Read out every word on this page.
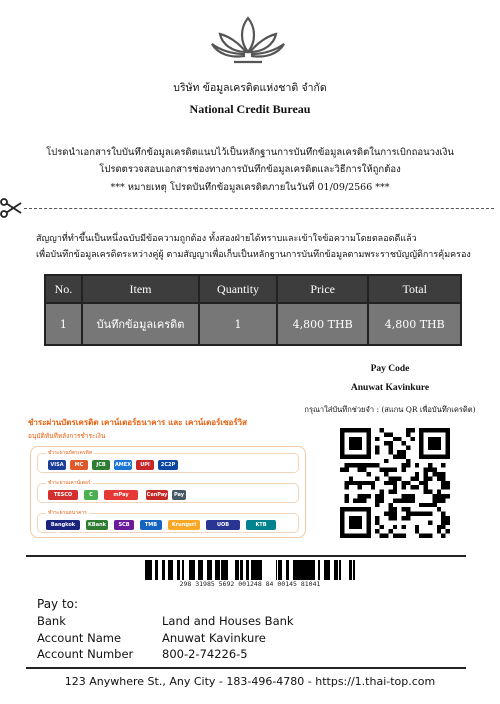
บริษัท ข้อมูลเครดิตแห่งชาติ จำกัด
National Credit Bureau
โปรดนำเอกสารใบบันทึกข้อมูลเครดิตแนบไว้เป็นหลักฐานการบันทึกข้อมูลเครดิตในการเบิกถอนวงเงิน
โปรดตรวจสอบเอกสารช่องทางการบันทึกข้อมูลเครดิตและวิธีการให้ถูกต้อง
*** หมายเหตุ โปรดบันทึกข้อมูลเครดิตภายในวันที่ 01/09/2566 ***
สัญญาที่ทำขึ้นเป็นหนึ่งฉบับมีข้อความถูกต้อง ทั้งสองฝ่ายได้ทราบและเข้าใจข้อความโดยตลอดดีแล้ว
เพื่อบันทึกข้อมูลเครดิตระหว่างคู่ผู้ ตามสัญญาเพื่อเก็บเป็นหลักฐานการบันทึกข้อมูลตามพระราชบัญญัติการคุ้มครอง
No.	Item	Quantity	Price	Total
1	บันทึกข้อมูลเครดิต	1	4,800 THB	4,800 THB
Pay Code
Anuwat Kavinkure
กรุณาใส่บันทึกช่วยจำ : (สแกน QR เพื่อบันทึกเครดิต)
ชำระผ่านบัตรเครดิต เคาน์เตอร์ธนาคาร และ เคาน์เตอร์เซอร์วิส
อนุมัติทันทีหลังการชำระเงิน
ชำระผ่านบัตรเครดิต
VISA	MC	JCB	AMEX	UPI	2C2P
ชำระผ่านเคาน์เตอร์
TESCO Lotus
C	mPay	CenPay	Pay
ชำระผ่านธนาคาร
Bangkok Bank
KBank	SCB	TMB	Krungsri	UOB	KTB
298 31985 5692 001248 84 00145 81041
Pay to:
Bank	Land and Houses Bank
Account Name	Anuwat Kavinkure
Account Number 800-2-74226-5
123 Anywhere St., Any City - 183-496-4780 - https://1.thai-top.com
